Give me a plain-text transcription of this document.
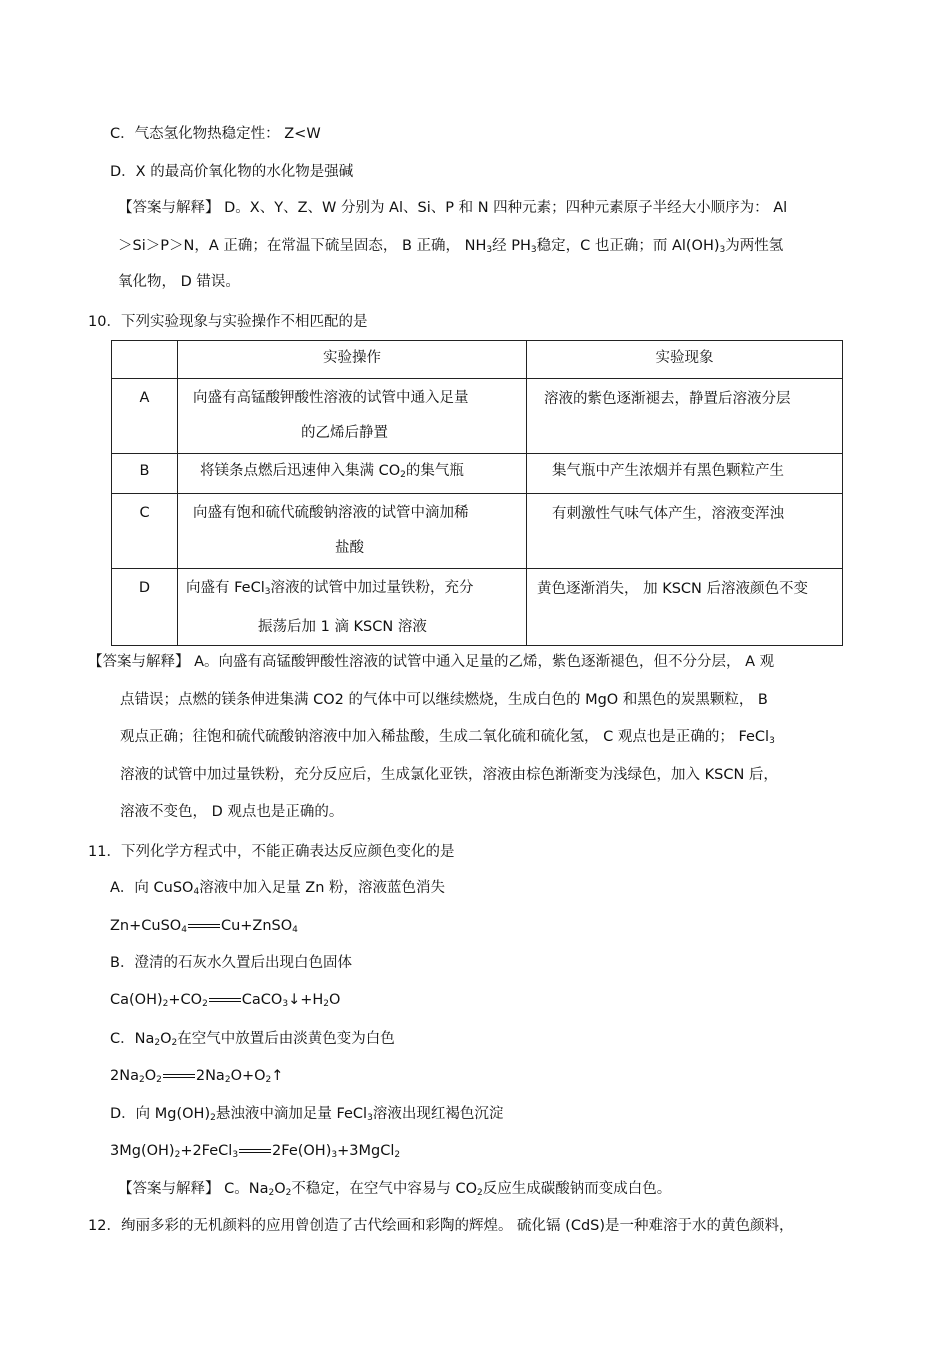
C．气态氢化物热稳定性： Z<W
D．X 的最高价氧化物的水化物是强碱
【答案与解释】 D。X、Y、Z、W 分别为 Al、Si、P 和 N 四种元素；四种元素原子半经大小顺序为： Al
＞Si＞P＞N，A 正确；在常温下硫呈固态， B 正确， $NH_3$经 $PH_3$稳定，C 也正确；而 $Al(OH)_3$为两性氢
氧化物， D 错误。
10．下列实验现象与实验操作不相匹配的是
	实验操作	实验现象
A	向盛有高锰酸钾酸性溶液的试管中通入足量
的乙烯后静置	溶液的紫色逐渐褪去，静置后溶液分层

B	将镁条点燃后迅速伸入集满 $CO_2$的集气瓶	集气瓶中产生浓烟并有黑色颗粒产生
C	向盛有饱和硫代硫酸钠溶液的试管中滴加稀
盐酸	有刺激性气味气体产生，溶液变浑浊

D	向盛有 FeCl$_3$溶液的试管中加过量铁粉，充分
振荡后加 1 滴 KSCN 溶液	黄色逐渐消失， 加 KSCN 后溶液颜色不变
【答案与解释】 A。向盛有高锰酸钾酸性溶液的试管中通入足量的乙烯，紫色逐渐褪色，但不分分层， A 观
点错误；点燃的镁条伸进集满 CO2 的气体中可以继续燃烧，生成白色的 MgO 和黑色的炭黑颗粒， B
观点正确；往饱和硫代硫酸钠溶液中加入稀盐酸，生成二氧化硫和硫化氢， C 观点也是正确的； FeCl$_3$
溶液的试管中加过量铁粉，充分反应后，生成氯化亚铁，溶液由棕色渐渐变为浅绿色，加入 KSCN 后，
溶液不变色， D 观点也是正确的。
11．下列化学方程式中，不能正确表达反应颜色变化的是
A．向 CuSO$_4$溶液中加入足量 Zn 粉，溶液蓝色消失
Zn+CuSO$_4$ Cu+ZnSO$_4$
B．澄清的石灰水久置后出现白色固体
$Ca(OH)_2+CO_2$ $CaCO_3↓+H_2O$
C．$Na_2O_2$在空气中放置后由淡黄色变为白色
$2Na_2O_2$ $2Na_2O+O_2↑$
D．向 $Mg(OH)_2$悬浊液中滴加足量 FeCl$_3$溶液出现红褐色沉淀
$3Mg(OH)_2+2FeCl_3$ $2Fe(OH)_3+3MgCl_2$
【答案与解释】 C。$Na_2O_2$不稳定，在空气中容易与 $CO_2$反应生成碳酸钠而变成白色。
12．绚丽多彩的无机颜料的应用曾创造了古代绘画和彩陶的辉煌。 硫化镉 (CdS)是一种难溶于水的黄色颜料，
